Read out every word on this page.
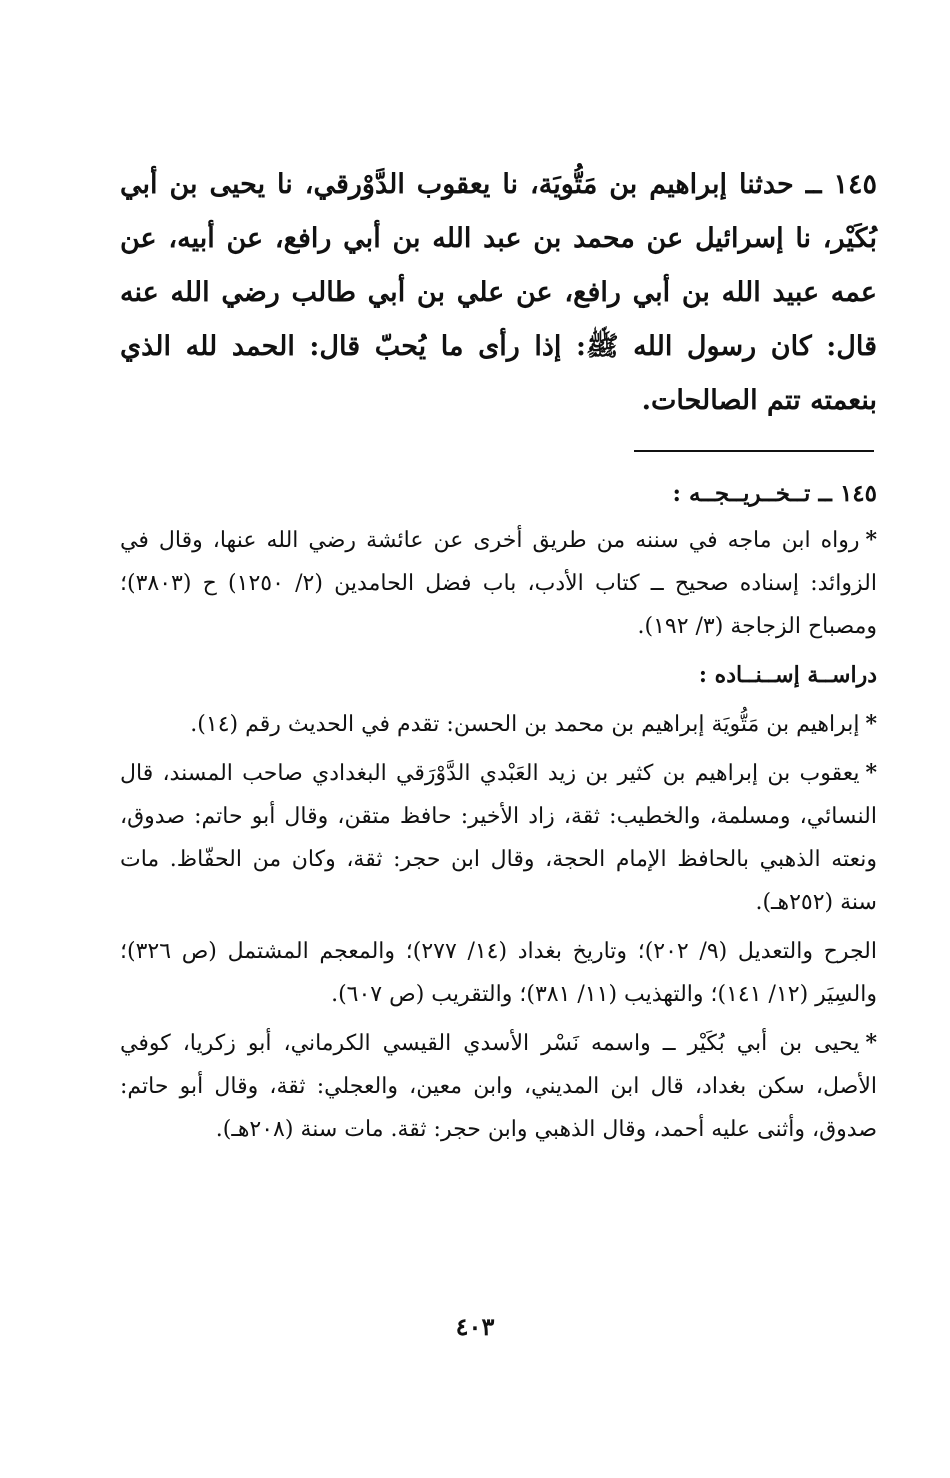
١٤٥ ــ حدثنا إبراهيم بن مَتُّويَة، نا يعقوب الدَّوْرقي، نا يحيى بن أبي بُكَيْر، نا إسرائيل عن محمد بن عبد الله بن أبي رافع، عن أبيه، عن عمه عبيد الله بن أبي رافع، عن علي بن أبي طالب رضي الله عنه قال: كان رسول الله ﷺ: إذا رأى ما يُحبّ قال: الحمد لله الذي بنعمته تتم الصالحات.
١٤٥ ــ تــخــريــجــه :
*رواه ابن ماجه في سننه من طريق أخرى عن عائشة رضي الله عنها، وقال في الزوائد: إسناده صحيح ــ كتاب الأدب، باب فضل الحامدين (٢/ ١٢٥٠) ح (٣٨٠٣)؛ ومصباح الزجاجة (٣/ ١٩٢).
دراســة إســنــاده :
*إبراهيم بن مَتُّويَة إبراهيم بن محمد بن الحسن: تقدم في الحديث رقم (١٤).
*يعقوب بن إبراهيم بن كثير بن زيد العَبْدي الدَّوْرَقي البغدادي صاحب المسند، قال النسائي، ومسلمة، والخطيب: ثقة، زاد الأخير: حافظ متقن، وقال أبو حاتم: صدوق، ونعته الذهبي بالحافظ الإمام الحجة، وقال ابن حجر: ثقة، وكان من الحفّاظ. مات سنة (٢٥٢هـ).
الجرح والتعديل (٩/ ٢٠٢)؛ وتاريخ بغداد (١٤/ ٢٧٧)؛ والمعجم المشتمل (ص ٣٢٦)؛ والسِيَر (١٢/ ١٤١)؛ والتهذيب (١١/ ٣٨١)؛ والتقريب (ص ٦٠٧).
*يحيى بن أبي بُكَيْر ــ واسمه نَسْر الأسدي القيسي الكرماني، أبو زكريا، كوفي الأصل، سكن بغداد، قال ابن المديني، وابن معين، والعجلي: ثقة، وقال أبو حاتم: صدوق، وأثنى عليه أحمد، وقال الذهبي وابن حجر: ثقة. مات سنة (٢٠٨هـ).
٤٠٣
